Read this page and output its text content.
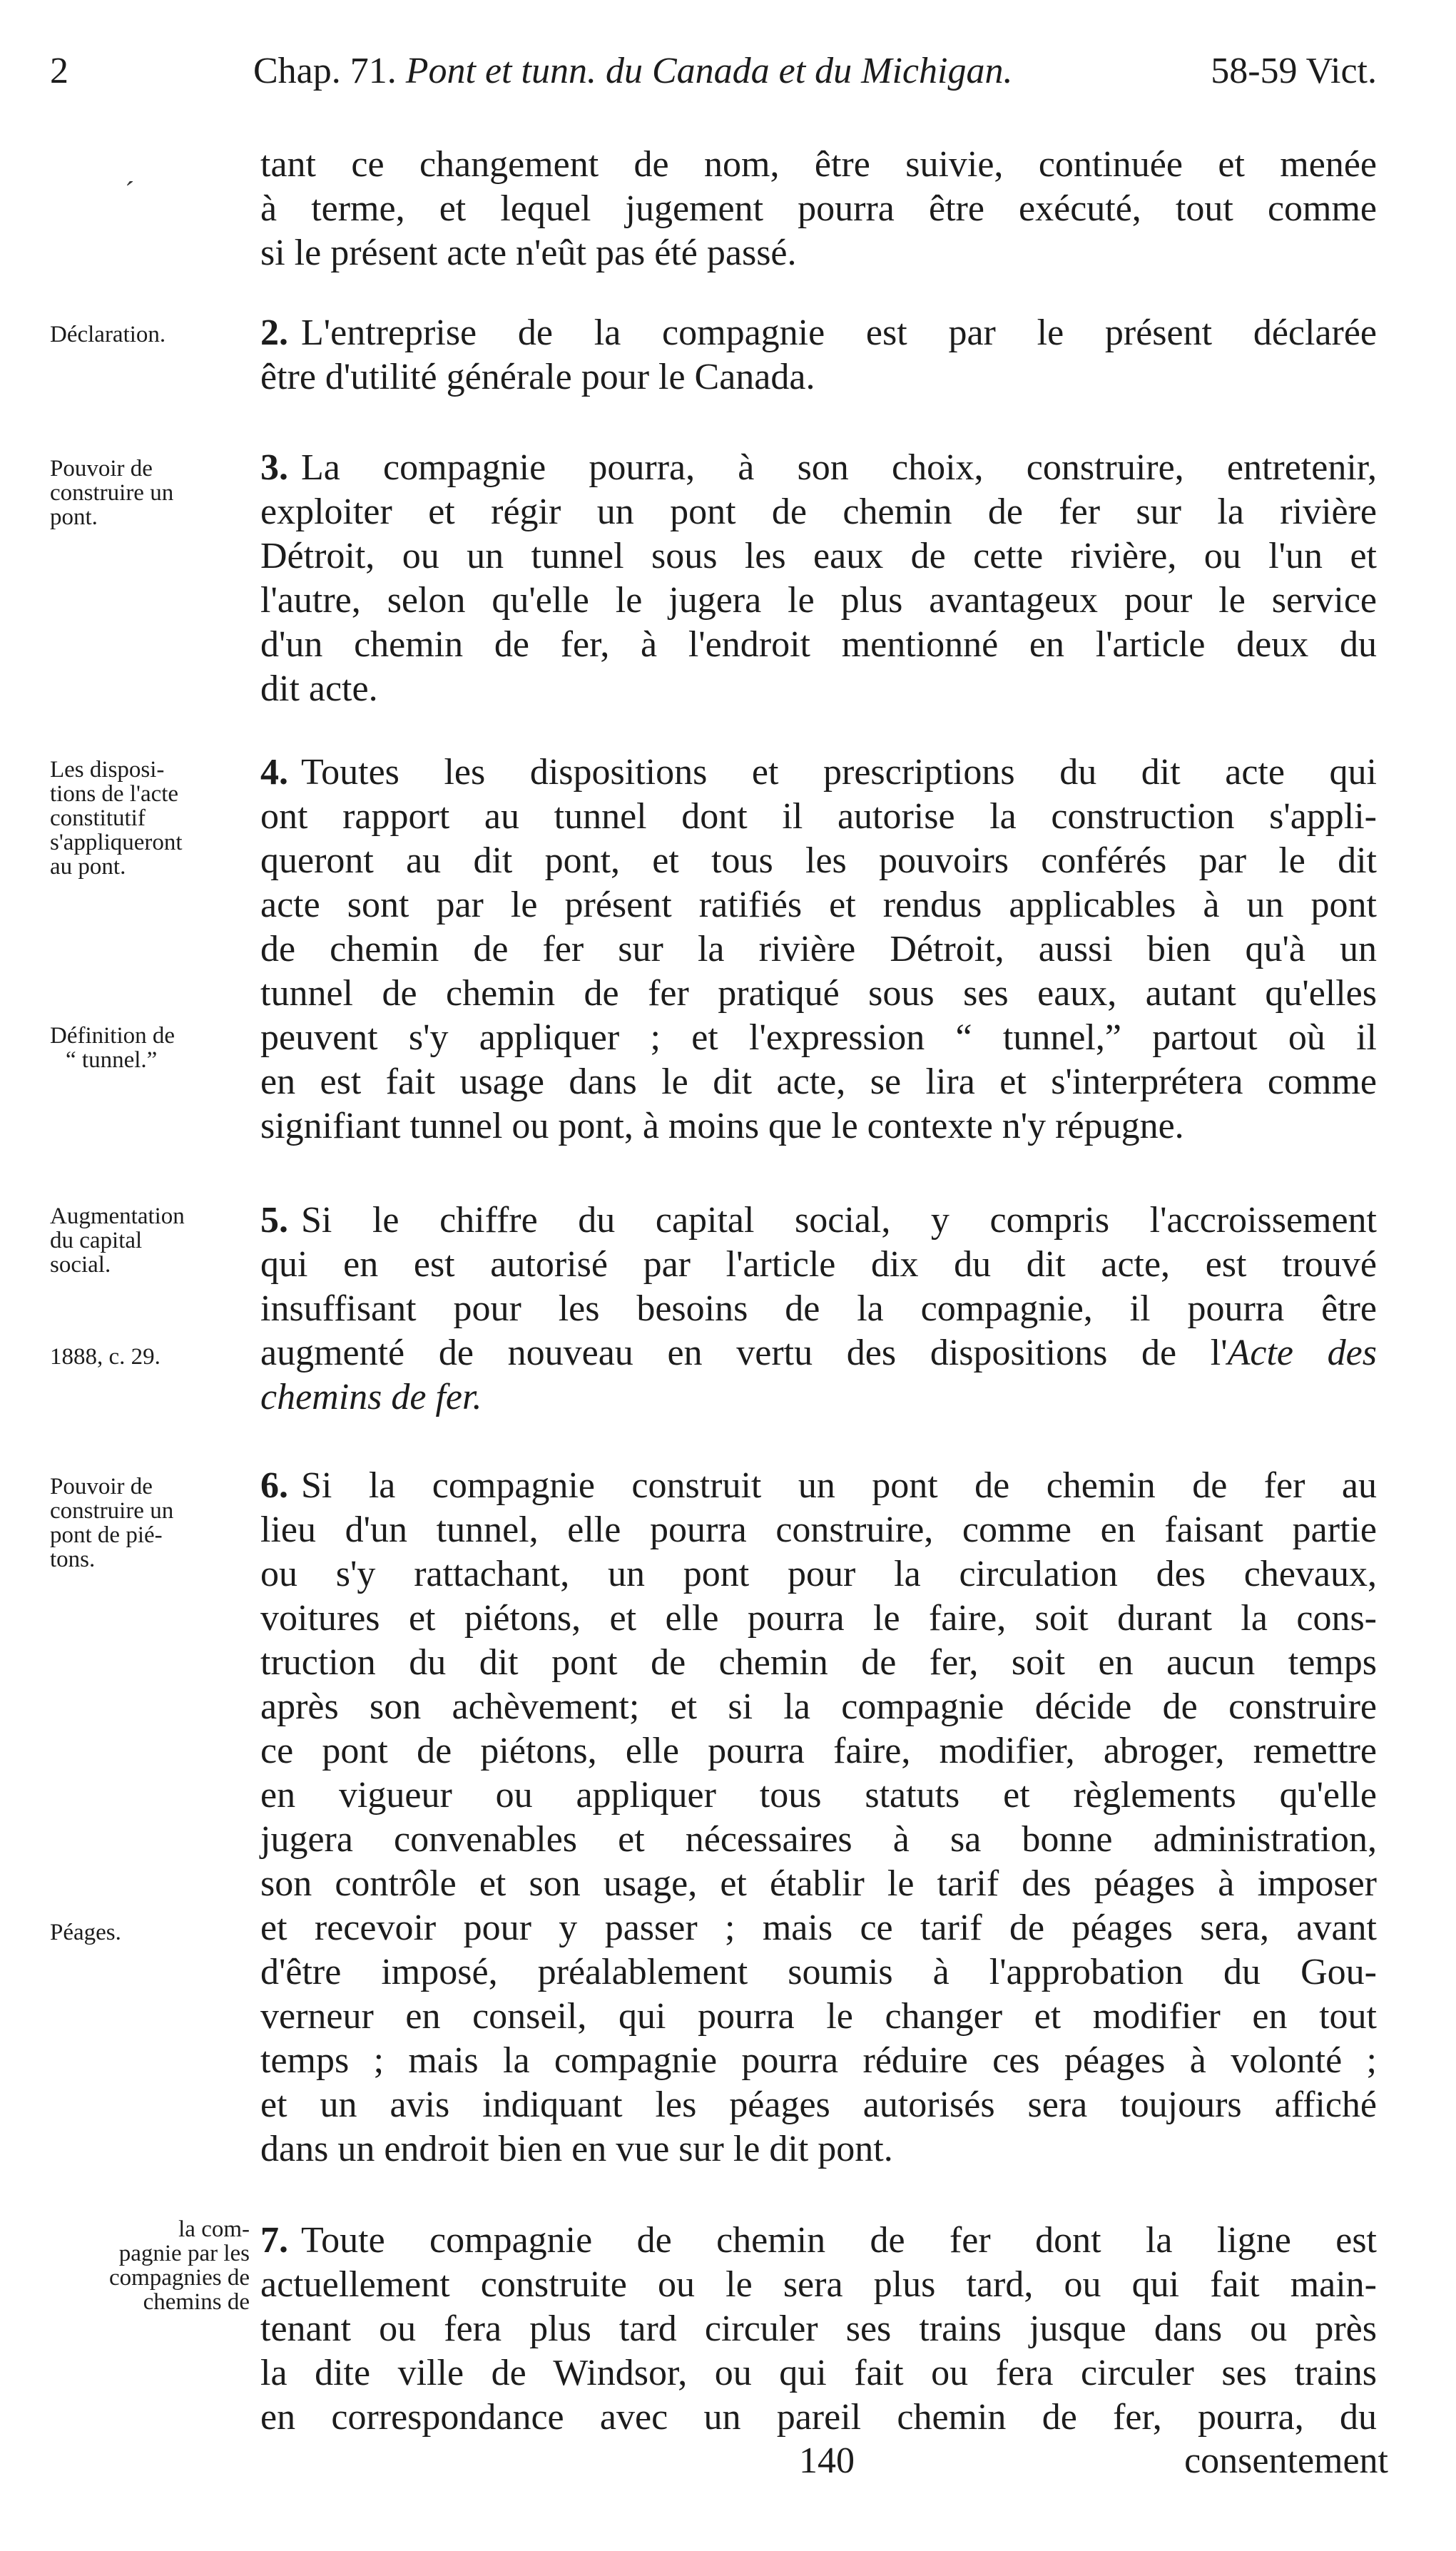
2	Chap. 71. Pont et tunn. du Canada et du Michigan.	58-59 Vict.
´
tant ce changement de nom, être suivie, continuée et menée
à terme, et lequel jugement pourra être exécuté, tout comme
si le présent acte n'eût pas été passé.
Déclaration.	2. L'entreprise de la compagnie est par le présent déclarée
être d'utilité générale pour le Canada.
Pouvoir de
construire un
pont.
3. La compagnie pourra, à son choix, construire, entretenir,
exploiter et régir un pont de chemin de fer sur la rivière
Détroit, ou un tunnel sous les eaux de cette rivière, ou l'un et
l'autre, selon qu'elle le jugera le plus avantageux pour le service
d'un chemin de fer, à l'endroit mentionné en l'article deux du
dit acte.
Les disposi-
tions de l'acte
constitutif
s'appliqueront
au pont.
Définition de
“ tunnel.”
4. Toutes les dispositions et prescriptions du dit acte qui
ont rapport au tunnel dont il autorise la construction s'appli-
queront au dit pont, et tous les pouvoirs conférés par le dit
acte sont par le présent ratifiés et rendus applicables à un pont
de chemin de fer sur la rivière Détroit, aussi bien qu'à un
tunnel de chemin de fer pratiqué sous ses eaux, autant qu'elles
peuvent s'y appliquer ; et l'expression “ tunnel,” partout où il
en est fait usage dans le dit acte, se lira et s'interprétera comme
signifiant tunnel ou pont, à moins que le contexte n'y répugne.
Augmentation
du capital
social.
1888, c. 29.
5. Si le chiffre du capital social, y compris l'accroissement
qui en est autorisé par l'article dix du dit acte, est trouvé
insuffisant pour les besoins de la compagnie, il pourra être
augmenté de nouveau en vertu des dispositions de l'Acte des
chemins de fer.
Pouvoir de
construire un
pont de pié-
tons.
Péages.
6. Si la compagnie construit un pont de chemin de fer au
lieu d'un tunnel, elle pourra construire, comme en faisant partie
ou s'y rattachant, un pont pour la circulation des chevaux,
voitures et piétons, et elle pourra le faire, soit durant la cons-
truction du dit pont de chemin de fer, soit en aucun temps
après son achèvement; et si la compagnie décide de construire
ce pont de piétons, elle pourra faire, modifier, abroger, remettre
en vigueur ou appliquer tous statuts et règlements qu'elle
jugera convenables et nécessaires à sa bonne administration,
son contrôle et son usage, et établir le tarif des péages à imposer
et recevoir pour y passer ; mais ce tarif de péages sera, avant
d'être imposé, préalablement soumis à l'approbation du Gou-
verneur en conseil, qui pourra le changer et modifier en tout
temps ; mais la compagnie pourra réduire ces péages à volonté ;
et un avis indiquant les péages autorisés sera toujours affiché
dans un endroit bien en vue sur le dit pont.
la com-
pagnie par les
compagnies de
chemins de
7. Toute compagnie de chemin de fer dont la ligne est
actuellement construite ou le sera plus tard, ou qui fait main-
tenant ou fera plus tard circuler ses trains jusque dans ou près
la dite ville de Windsor, ou qui fait ou fera circuler ses trains
en correspondance avec un pareil chemin de fer, pourra, du
140	consentement
